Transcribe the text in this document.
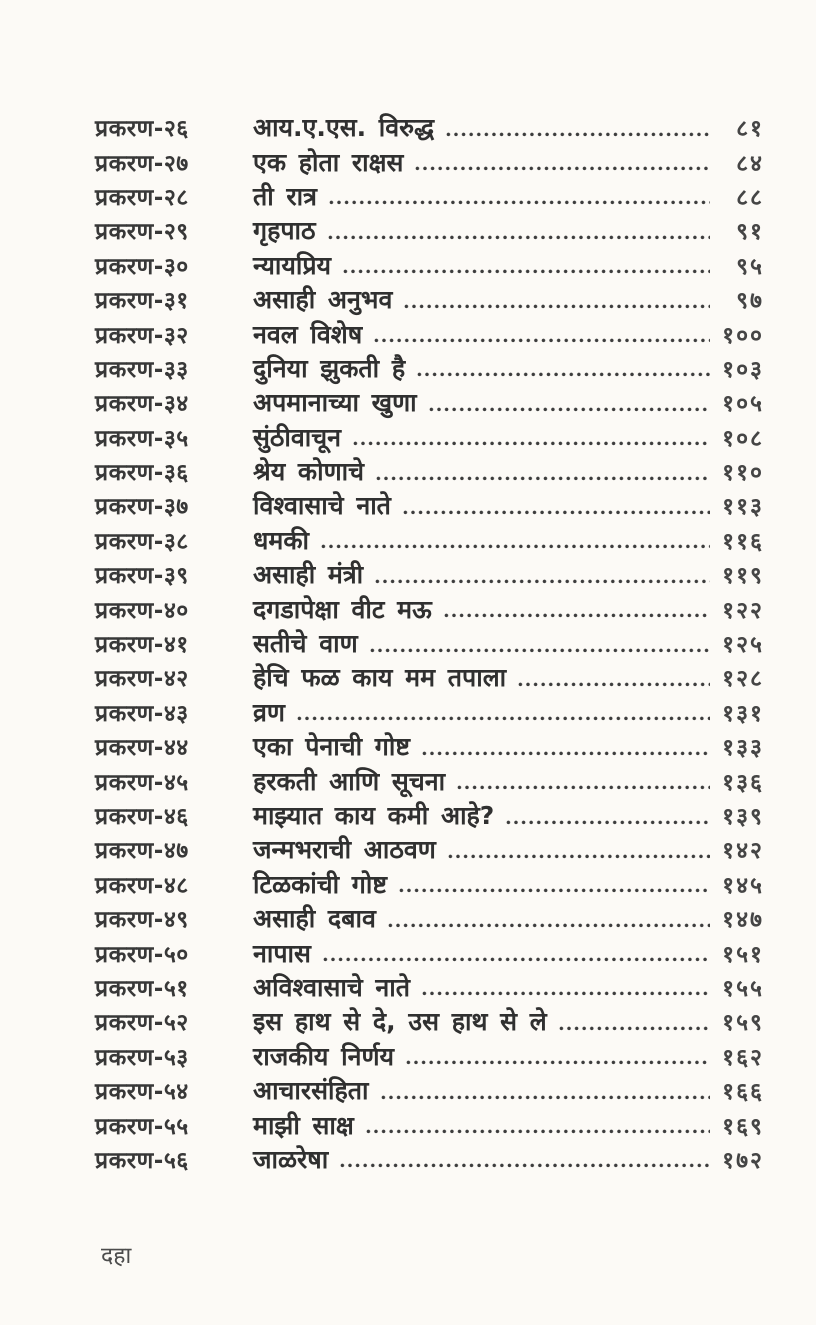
प्रकरण-२६	आय.ए.एस. विरुद्ध	८१
प्रकरण-२७	एक होता राक्षस	८४
प्रकरण-२८	ती रात्र	८८
प्रकरण-२९	गृहपाठ	९१
प्रकरण-३०	न्यायप्रिय	९५
प्रकरण-३१	असाही अनुभव	९७
प्रकरण-३२	नवल विशेष	१००
प्रकरण-३३	दुनिया झुकती है	१०३
प्रकरण-३४	अपमानाच्या खुणा	१०५
प्रकरण-३५	सुंठीवाचून	१०८
प्रकरण-३६	श्रेय कोणाचे	११०
प्रकरण-३७	विश्वासाचे नाते	११३
प्रकरण-३८	धमकी	११६
प्रकरण-३९	असाही मंत्री	११९
प्रकरण-४०	दगडापेक्षा वीट मऊ	१२२
प्रकरण-४१	सतीचे वाण	१२५
प्रकरण-४२	हेचि फळ काय मम तपाला	१२८
प्रकरण-४३	व्रण	१३१
प्रकरण-४४	एका पेनाची गोष्ट	१३३
प्रकरण-४५	हरकती आणि सूचना	१३६
प्रकरण-४६	माझ्यात काय कमी आहे?	१३९
प्रकरण-४७	जन्मभराची आठवण	१४२
प्रकरण-४८	टिळकांची गोष्ट	१४५
प्रकरण-४९	असाही दबाव	१४७
प्रकरण-५०	नापास	१५१
प्रकरण-५१	अविश्वासाचे नाते	१५५
प्रकरण-५२	इस हाथ से दे, उस हाथ से ले	१५९
प्रकरण-५३	राजकीय निर्णय	१६२
प्रकरण-५४	आचारसंहिता	१६६
प्रकरण-५५	माझी साक्ष	१६९
प्रकरण-५६	जाळरेषा	१७२
दहा
